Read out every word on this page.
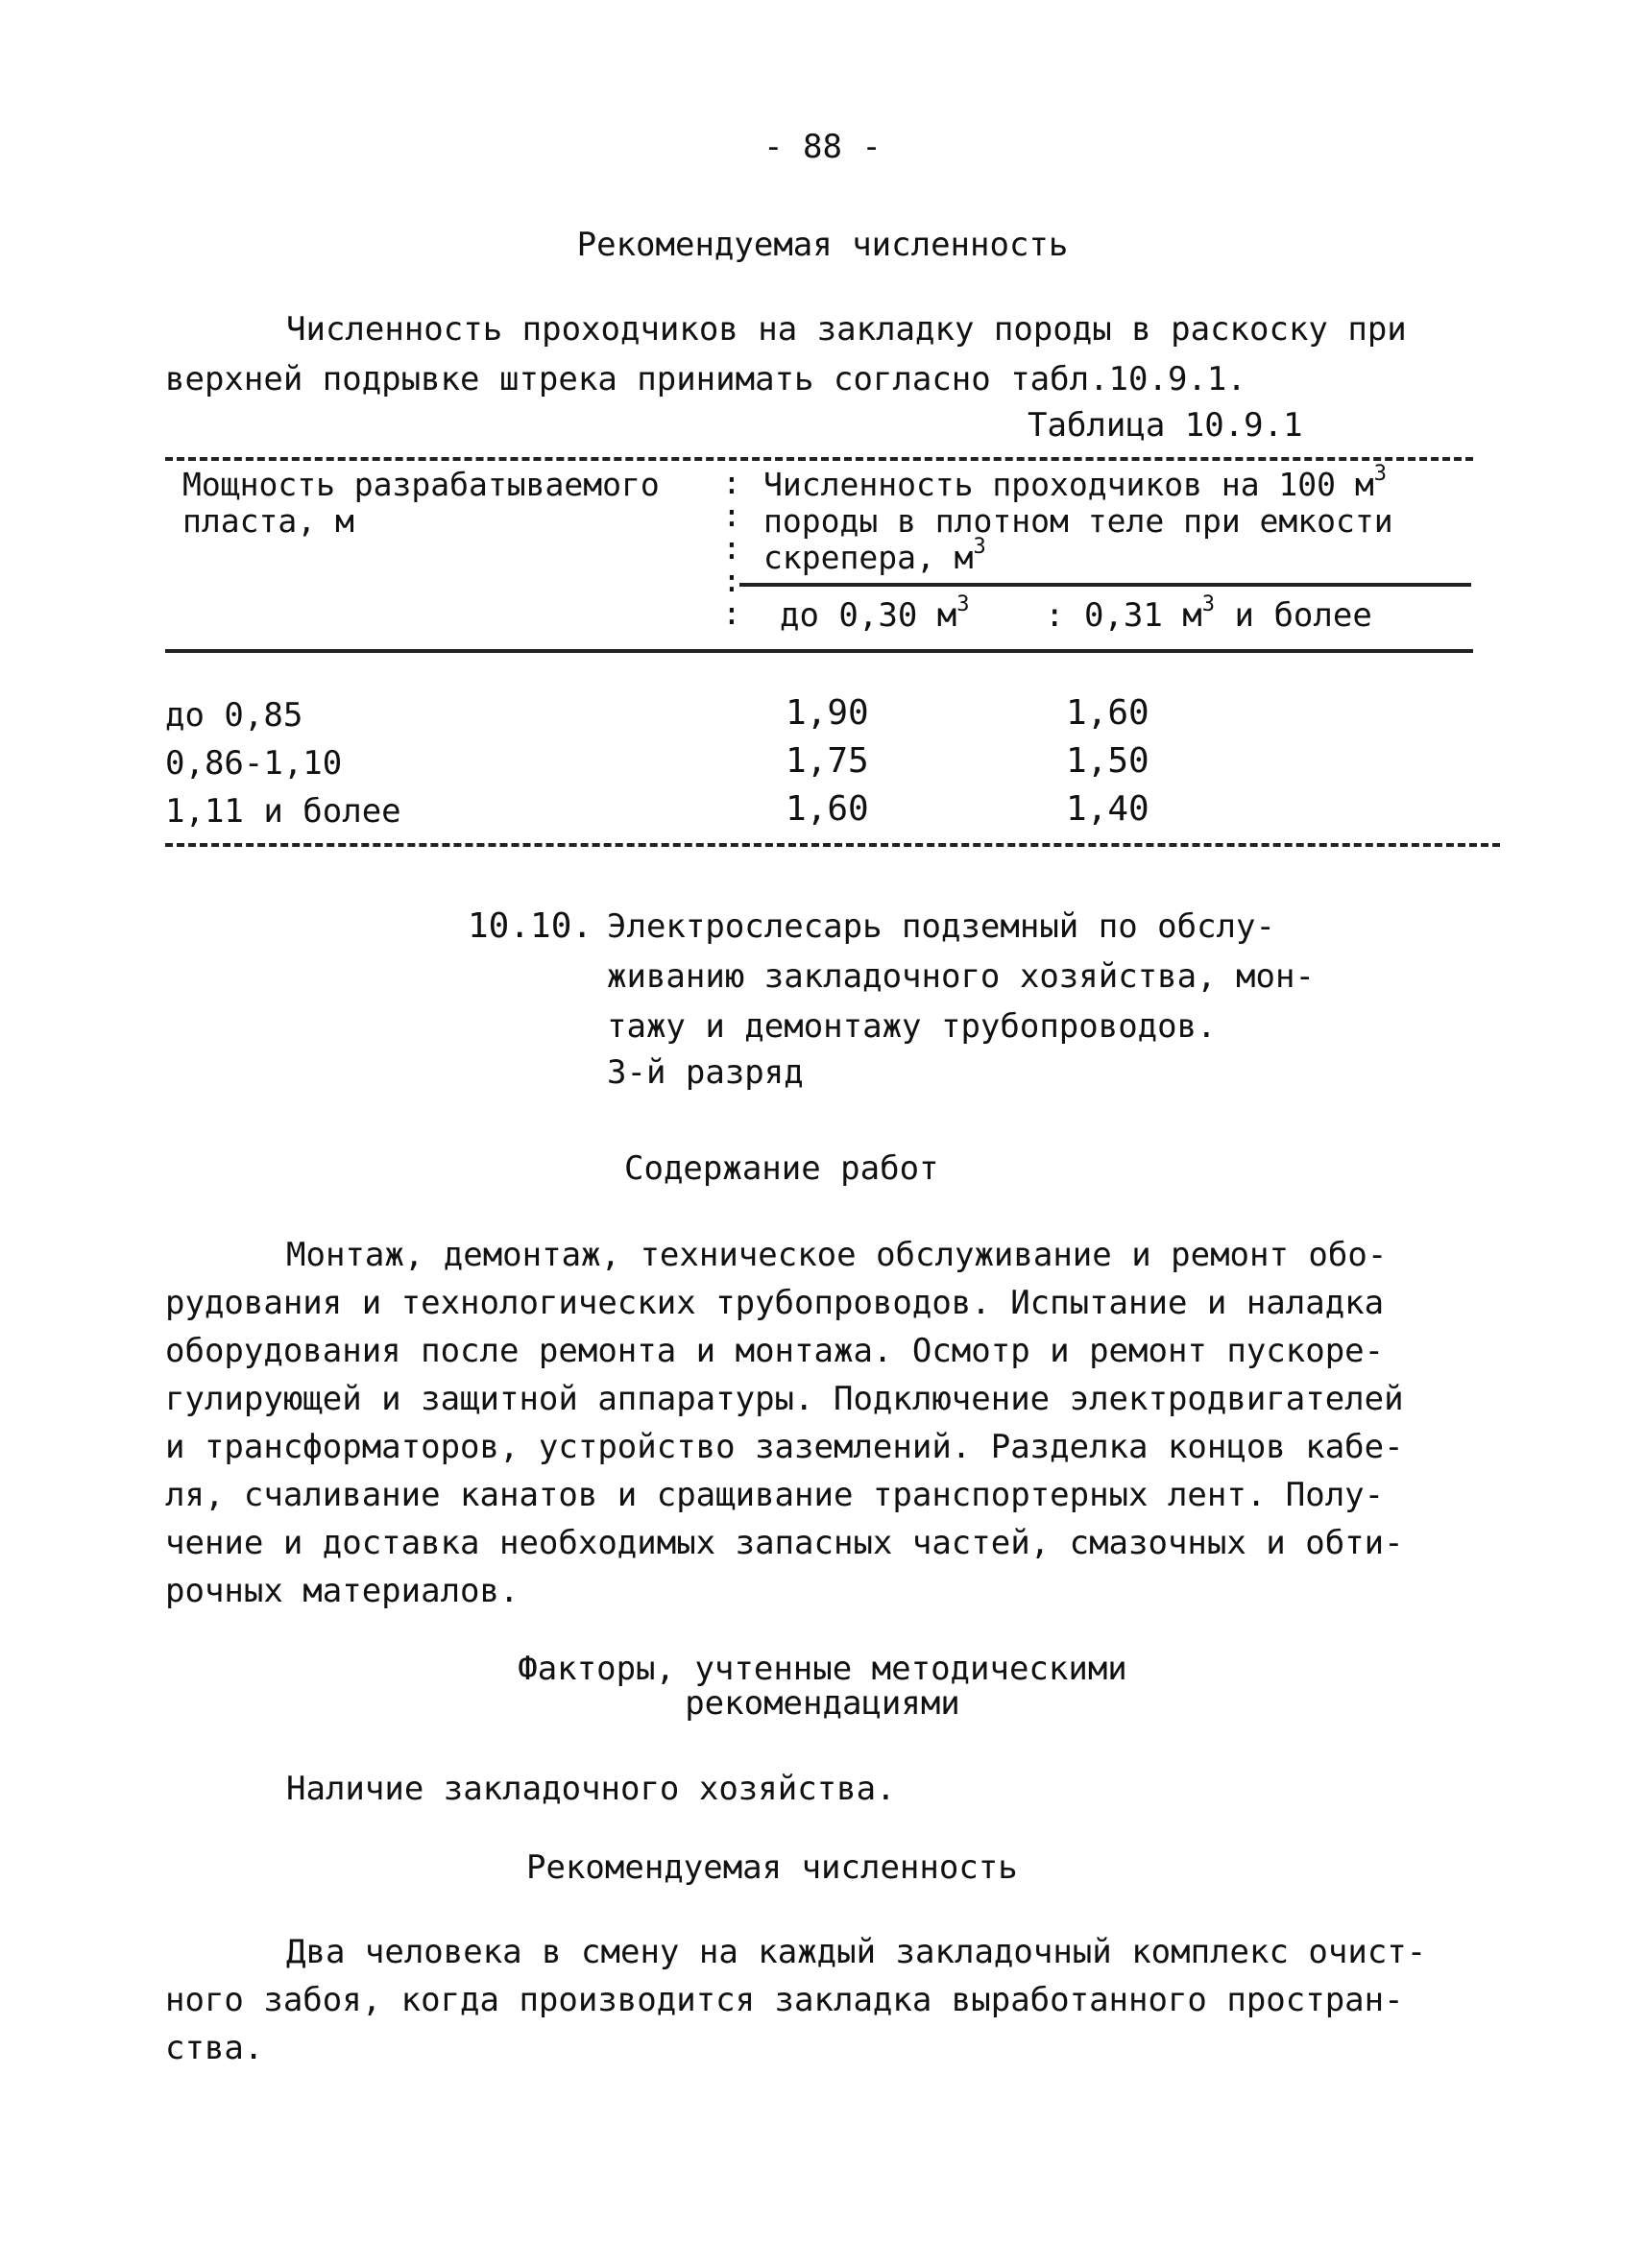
- 88 -
Рекомендуемая численность
Численность проходчиков на закладку породы в раскоску при
верхней подрывке штрека принимать согласно табл.10.9.1.
Таблица 10.9.1
Мощность разрабатываемого
пласта, м
:
:
:
:
:
Численность проходчиков на 100 $м^3$
породы в плотном теле при емкости
скрепера, $м^3$
до 0,30 $м^3$ : 0,31 $м^3$ и более
до 0,85	1,90	1,60
0,86-1,10	1,75	1,50
1,11 и более	1,60	1,40
10.10. Электрослесарь подземный по обслу-
живанию закладочного хозяйства, мон-
тажу и демонтажу трубопроводов.
3-й разряд
Содержание работ
Монтаж, демонтаж, техническое обслуживание и ремонт обо-
рудования и технологических трубопроводов. Испытание и наладка
оборудования после ремонта и монтажа. Осмотр и ремонт пускоре-
гулирующей и защитной аппаратуры. Подключение электродвигателей
и трансформаторов, устройство заземлений. Разделка концов кабе-
ля, счаливание канатов и сращивание транспортерных лент. Полу-
чение и доставка необходимых запасных частей, смазочных и обти-
рочных материалов.
Факторы, учтенные методическими
рекомендациями
Наличие закладочного хозяйства.
Рекомендуемая численность
Два человека в смену на каждый закладочный комплекс очист-
ного забоя, когда производится закладка выработанного простран-
ства.
